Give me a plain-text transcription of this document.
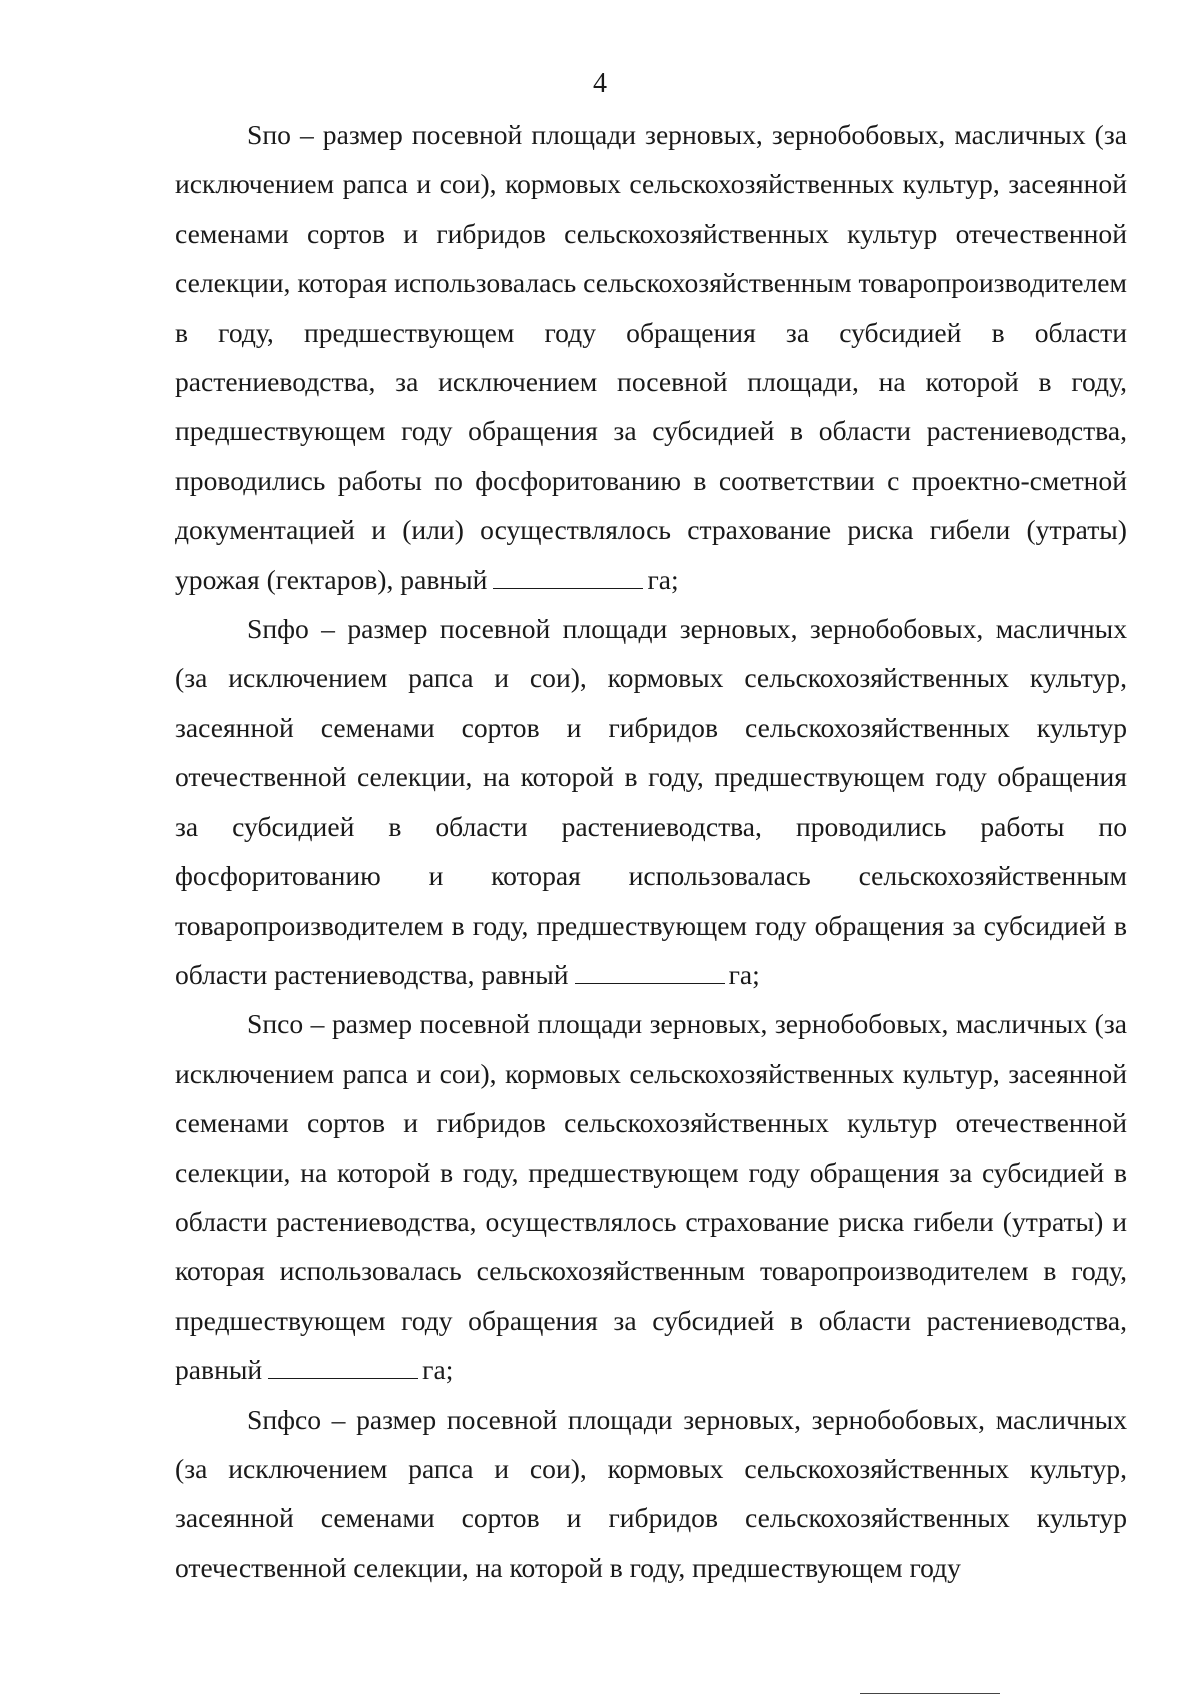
4

Sпо – размер посевной площади зерновых, зернобобовых, масличных (за исключением рапса и сои), кормовых сельскохозяйственных культур, засеянной семенами сортов и гибридов сельскохозяйственных культур отечественной селекции, которая использовалась сельскохозяйственным товаропроизводителем в году, предшествующем году обращения за субсидией в области растениеводства, за исключением посевной площади, на которой в году, предшествующем году обращения за субсидией в области растениеводства, проводились работы по фосфоритованию в соответствии с проектно-сметной документацией и (или) осуществлялось страхование риска гибели (утраты) урожая (гектаров), равный	га;

Sпфо – размер посевной площади зерновых, зернобобовых, масличных (за исключением рапса и сои), кормовых сельскохозяйственных культур, засеянной семенами сортов и гибридов сельскохозяйственных культур отечественной селекции, на которой в году, предшествующем году обращения за субсидией в области растениеводства, проводились работы по фосфоритованию и которая использовалась сельскохозяйственным товаропроизводителем в году, предшествующем году обращения за субсидией в области растениеводства, равный	га;

Sпсо – размер посевной площади зерновых, зернобобовых, масличных (за исключением рапса и сои), кормовых сельскохозяйственных культур, засеянной семенами сортов и гибридов сельскохозяйственных культур отечественной селекции, на которой в году, предшествующем году обращения за субсидией в области растениеводства, осуществлялось страхование риска гибели (утраты) и которая использовалась сельскохозяйственным товаропроизводителем в году, предшествующем году обращения за субсидией в области растениеводства, равный	га;

Sпфсо – размер посевной площади зерновых, зернобобовых, масличных (за исключением рапса и сои), кормовых сельскохозяйственных культур, засеянной семенами сортов и гибридов сельскохозяйственных культур отечественной селекции, на которой в году, предшествующем году
